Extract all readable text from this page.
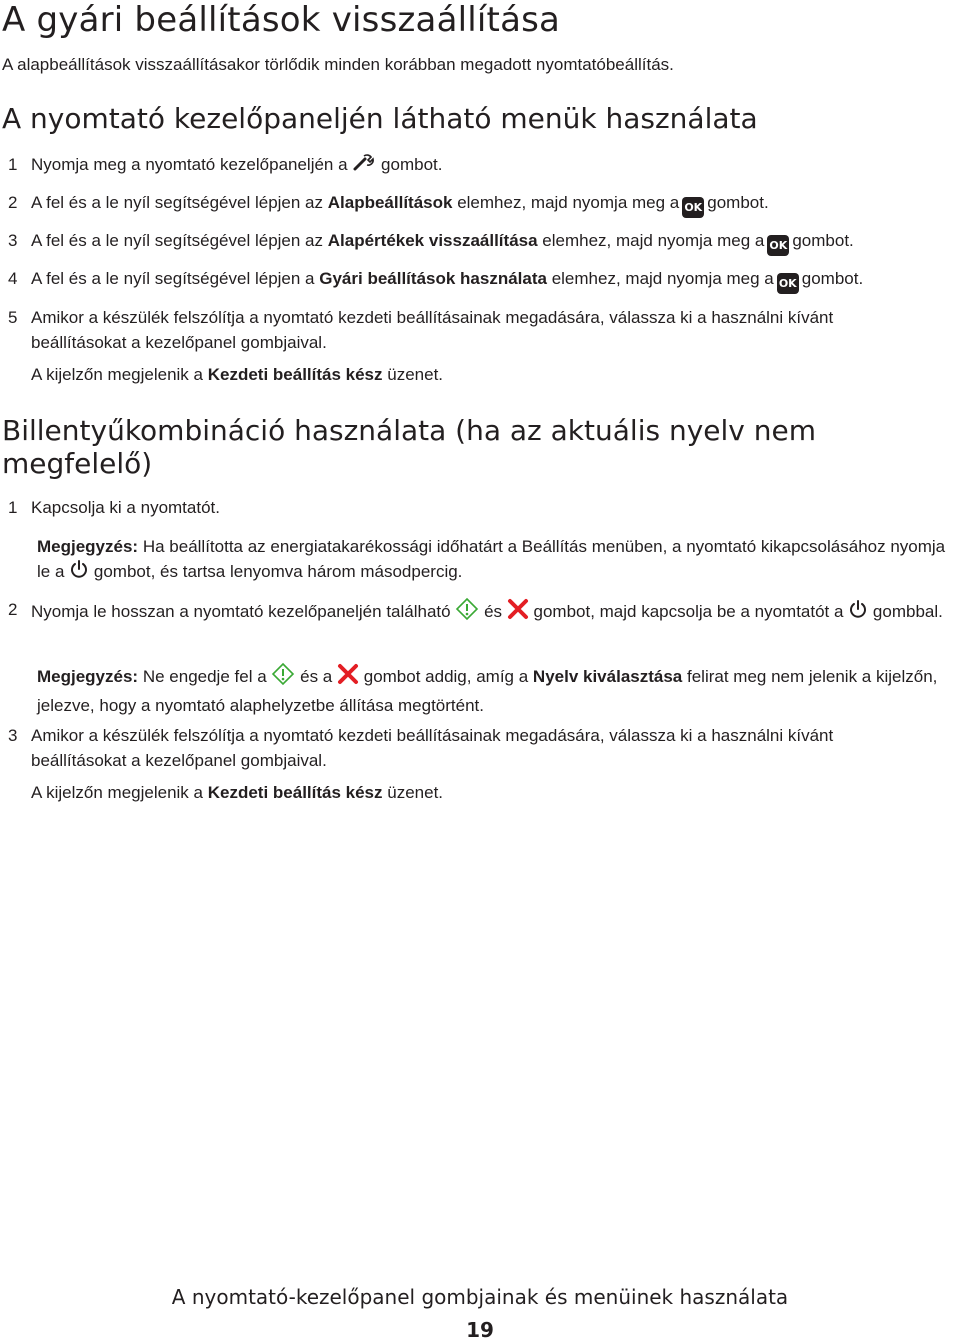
A gyári beállítások visszaállítása
A alapbeállítások visszaállításakor törlődik minden korábban megadott nyomtatóbeállítás.
A nyomtató kezelőpaneljén látható menük használata
1 Nyomja meg a nyomtató kezelőpaneljén a gombot.
2 A fel és a le nyíl segítségével lépjen az Alapbeállítások elemhez, majd nyomja meg a OK gombot.
3 A fel és a le nyíl segítségével lépjen az Alapértékek visszaállítása elemhez, majd nyomja meg a OK gombot.
4 A fel és a le nyíl segítségével lépjen a Gyári beállítások használata elemhez, majd nyomja meg a OK gombot.
5 Amikor a készülék felszólítja a nyomtató kezdeti beállításainak megadására, válassza ki a használni kívánt beállításokat a kezelőpanel gombjaival.
A kijelzőn megjelenik a Kezdeti beállítás kész üzenet.
Billentyűkombináció használata (ha az aktuális nyelv nem megfelelő)
1 Kapcsolja ki a nyomtatót.
Megjegyzés: Ha beállította az energiatakarékossági időhatárt a Beállítás menüben, a nyomtató kikapcsolásához nyomja le a gombot, és tartsa lenyomva három másodpercig.
2 Nyomja le hosszan a nyomtató kezelőpaneljén található és gombot, majd kapcsolja be a nyomtatót a gombbal.
Megjegyzés: Ne engedje fel a és a gombot addig, amíg a Nyelv kiválasztása felirat meg nem jelenik a kijelzőn, jelezve, hogy a nyomtató alaphelyzetbe állítása megtörtént.
3 Amikor a készülék felszólítja a nyomtató kezdeti beállításainak megadására, válassza ki a használni kívánt beállításokat a kezelőpanel gombjaival.
A kijelzőn megjelenik a Kezdeti beállítás kész üzenet.
A nyomtató-kezelőpanel gombjainak és menüinek használata
19
